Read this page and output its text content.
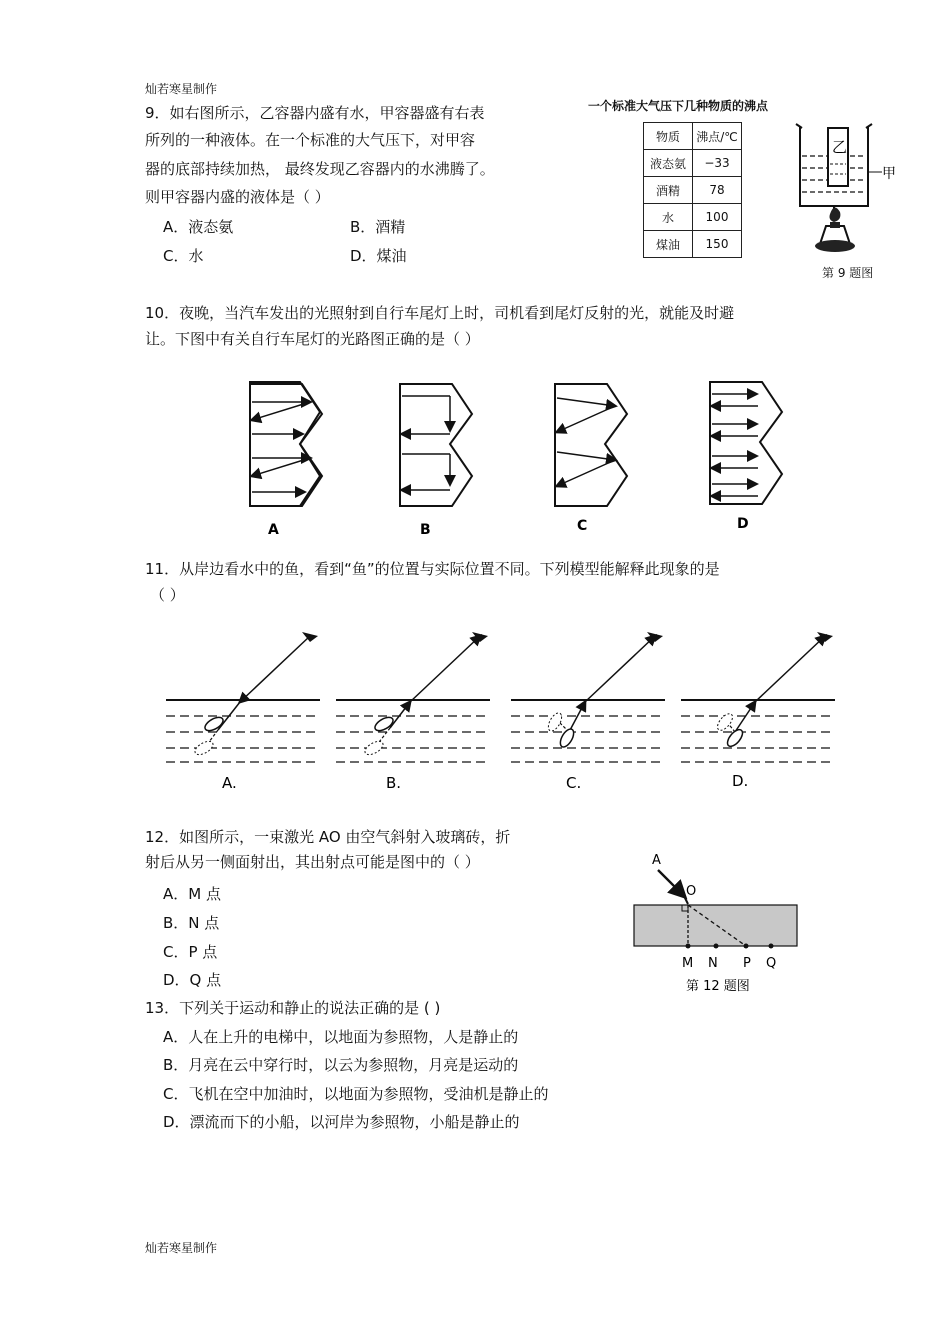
灿若寒星制作
9．如右图所示，乙容器内盛有水，甲容器盛有右表
所列的一种液体。在一个标准的大气压下，对甲容
器的底部持续加热， 最终发现乙容器内的水沸腾了。
则甲容器内盛的液体是（ ）
A．液态氨	B．酒精
C．水	D．煤油
一个标准大气压下几种物质的沸点
物质	沸点/℃
液态氨	−33
酒精	78
水	100
煤油	150
乙
甲
第 9 题图
10．夜晚，当汽车发出的光照射到自行车尾灯上时，司机看到尾灯反射的光，就能及时避
让。下图中有关自行车尾灯的光路图正确的是（ ）
A	B	C	D
11．从岸边看水中的鱼，看到“鱼”的位置与实际位置不同。下列模型能解释此现象的是
（ ）
A.	B.	C.	D.
12．如图所示，一束激光 AO 由空气斜射入玻璃砖，折
射后从另一侧面射出，其出射点可能是图中的（ ）
A．M 点
B．N 点
C．P 点
D．Q 点
A
O
M N P Q
第 12 题图
13．下列关于运动和静止的说法正确的是 ( )
A．人在上升的电梯中，以地面为参照物，人是静止的
B．月亮在云中穿行时，以云为参照物，月亮是运动的
C．飞机在空中加油时，以地面为参照物，受油机是静止的
D．漂流而下的小船，以河岸为参照物，小船是静止的
灿若寒星制作
